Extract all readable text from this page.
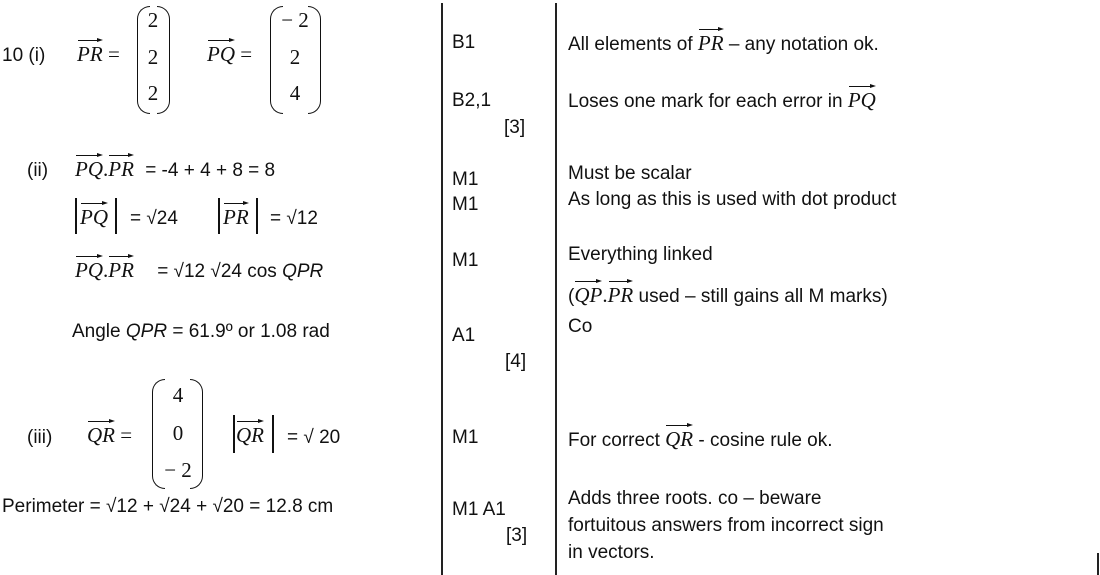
10 (i) PR =
2
2
2
PQ =
− 2
2
4
(ii) PQ.
PR = -4 + 4 + 8 = 8
PQ = √24 PR = √12
PQ.
PR = √12 √24 cos QPR
Angle QPR = 61.9º or 1.08 rad
(iii) QR =
4
0
− 2
QR = √ 20
Perimeter = √12 + √24 + √20 = 12.8 cm
B1
B2,1
[3]
M1
M1
M1
A1
[4]
M1
M1 A1
[3]
All elements of
PR – any notation ok.
Loses one mark for each error in
PQ
Must be scalar
As long as this is used with dot product
Everything linked
(
QP.
PR used – still gains all M marks)
Co
For correct
QR - cosine rule ok.
Adds three roots. co – beware
fortuitous answers from incorrect sign
in vectors.
